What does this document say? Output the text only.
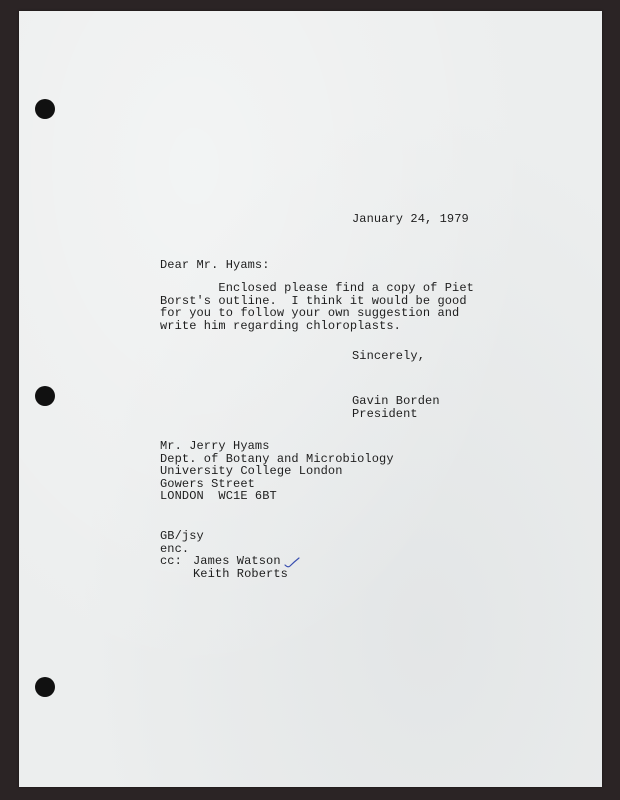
January 24, 1979
Dear Mr. Hyams:
Enclosed please find a copy of Piet
Borst's outline.  I think it would be good
for you to follow your own suggestion and
write him regarding chloroplasts.
Sincerely,
Gavin Borden
President
Mr. Jerry Hyams
Dept. of Botany and Microbiology
University College London
Gowers Street
LONDON  WC1E 6BT
GB/jsy
enc.
cc: James Watson
Keith Roberts
